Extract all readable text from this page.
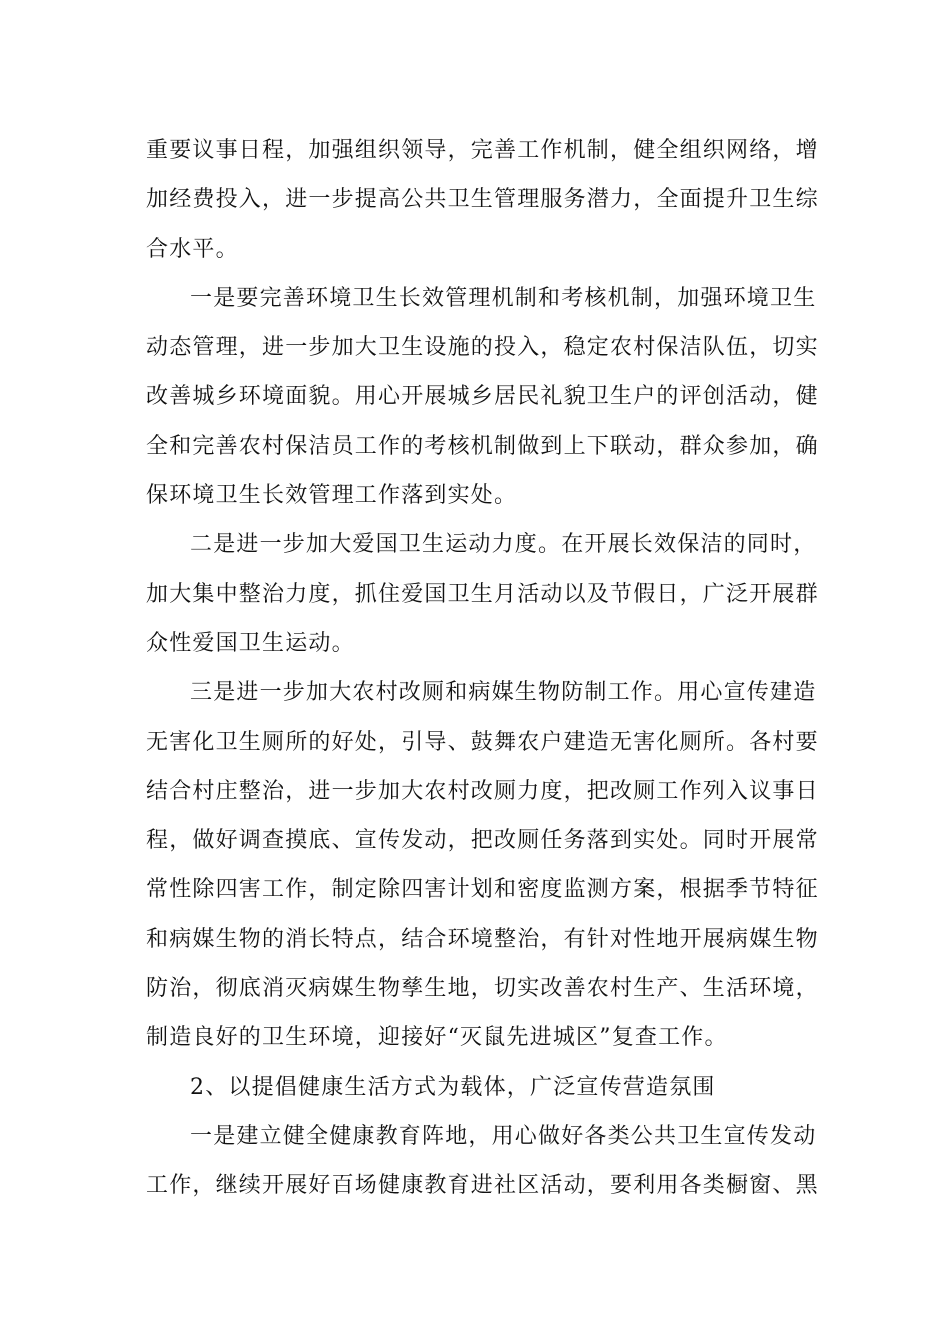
重要议事日程，加强组织领导，完善工作机制，健全组织网络，增
加经费投入，进一步提高公共卫生管理服务潜力，全面提升卫生综
合水平。
一是要完善环境卫生长效管理机制和考核机制，加强环境卫生
动态管理，进一步加大卫生设施的投入，稳定农村保洁队伍，切实
改善城乡环境面貌。用心开展城乡居民礼貌卫生户的评创活动，健
全和完善农村保洁员工作的考核机制做到上下联动，群众参加，确
保环境卫生长效管理工作落到实处。
二是进一步加大爱国卫生运动力度。在开展长效保洁的同时，
加大集中整治力度，抓住爱国卫生月活动以及节假日，广泛开展群
众性爱国卫生运动。
三是进一步加大农村改厕和病媒生物防制工作。用心宣传建造
无害化卫生厕所的好处，引导、鼓舞农户建造无害化厕所。各村要
结合村庄整治，进一步加大农村改厕力度，把改厕工作列入议事日
程，做好调查摸底、宣传发动，把改厕任务落到实处。同时开展常
常性除四害工作，制定除四害计划和密度监测方案，根据季节特征
和病媒生物的消长特点，结合环境整治，有针对性地开展病媒生物
防治，彻底消灭病媒生物孳生地，切实改善农村生产、生活环境，
制造良好的卫生环境，迎接好“灭鼠先进城区”复查工作。
2、以提倡健康生活方式为载体，广泛宣传营造氛围
一是建立健全健康教育阵地，用心做好各类公共卫生宣传发动
工作，继续开展好百场健康教育进社区活动，要利用各类橱窗、黑
